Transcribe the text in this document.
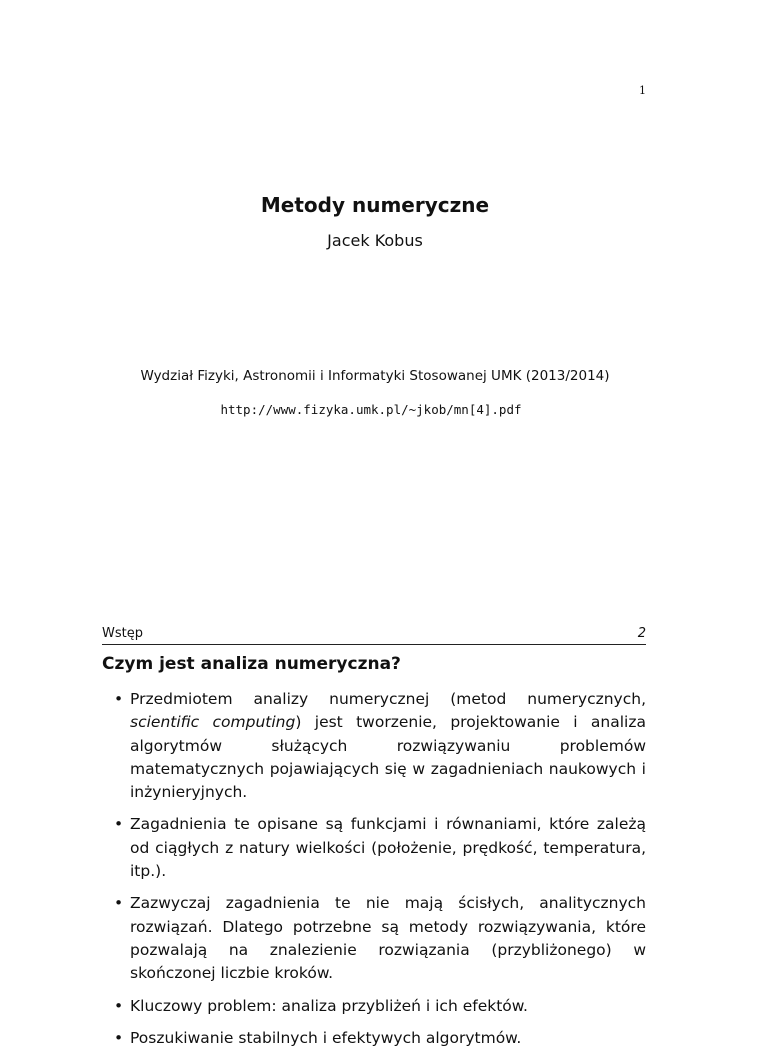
1
Metody numeryczne
Jacek Kobus
Wydział Fizyki, Astronomii i Informatyki Stosowanej UMK (2013/2014)
http://www.fizyka.umk.pl/~jkob/mn[4].pdf
Wstęp	2
Czym jest analiza numeryczna?
• Przedmiotem analizy numerycznej (metod numerycznych, scientific computing) jest tworzenie, projektowanie i analiza algorytmów służących rozwiązywaniu problemów matematycznych pojawiających się w zagadnieniach naukowych i inżynieryjnych.
• Zagadnienia te opisane są funkcjami i równaniami, które zależą od ciągłych z natury wielkości (położenie, prędkość, temperatura, itp.).
• Zazwyczaj zagadnienia te nie mają ścisłych, analitycznych rozwiązań. Dlatego potrzebne są metody rozwiązywania, które pozwalają na znalezienie rozwiązania (przybliżonego) w skończonej liczbie kroków.
• Kluczowy problem: analiza przybliżeń i ich efektów.
• Poszukiwanie stabilnych i efektywych algorytmów.
